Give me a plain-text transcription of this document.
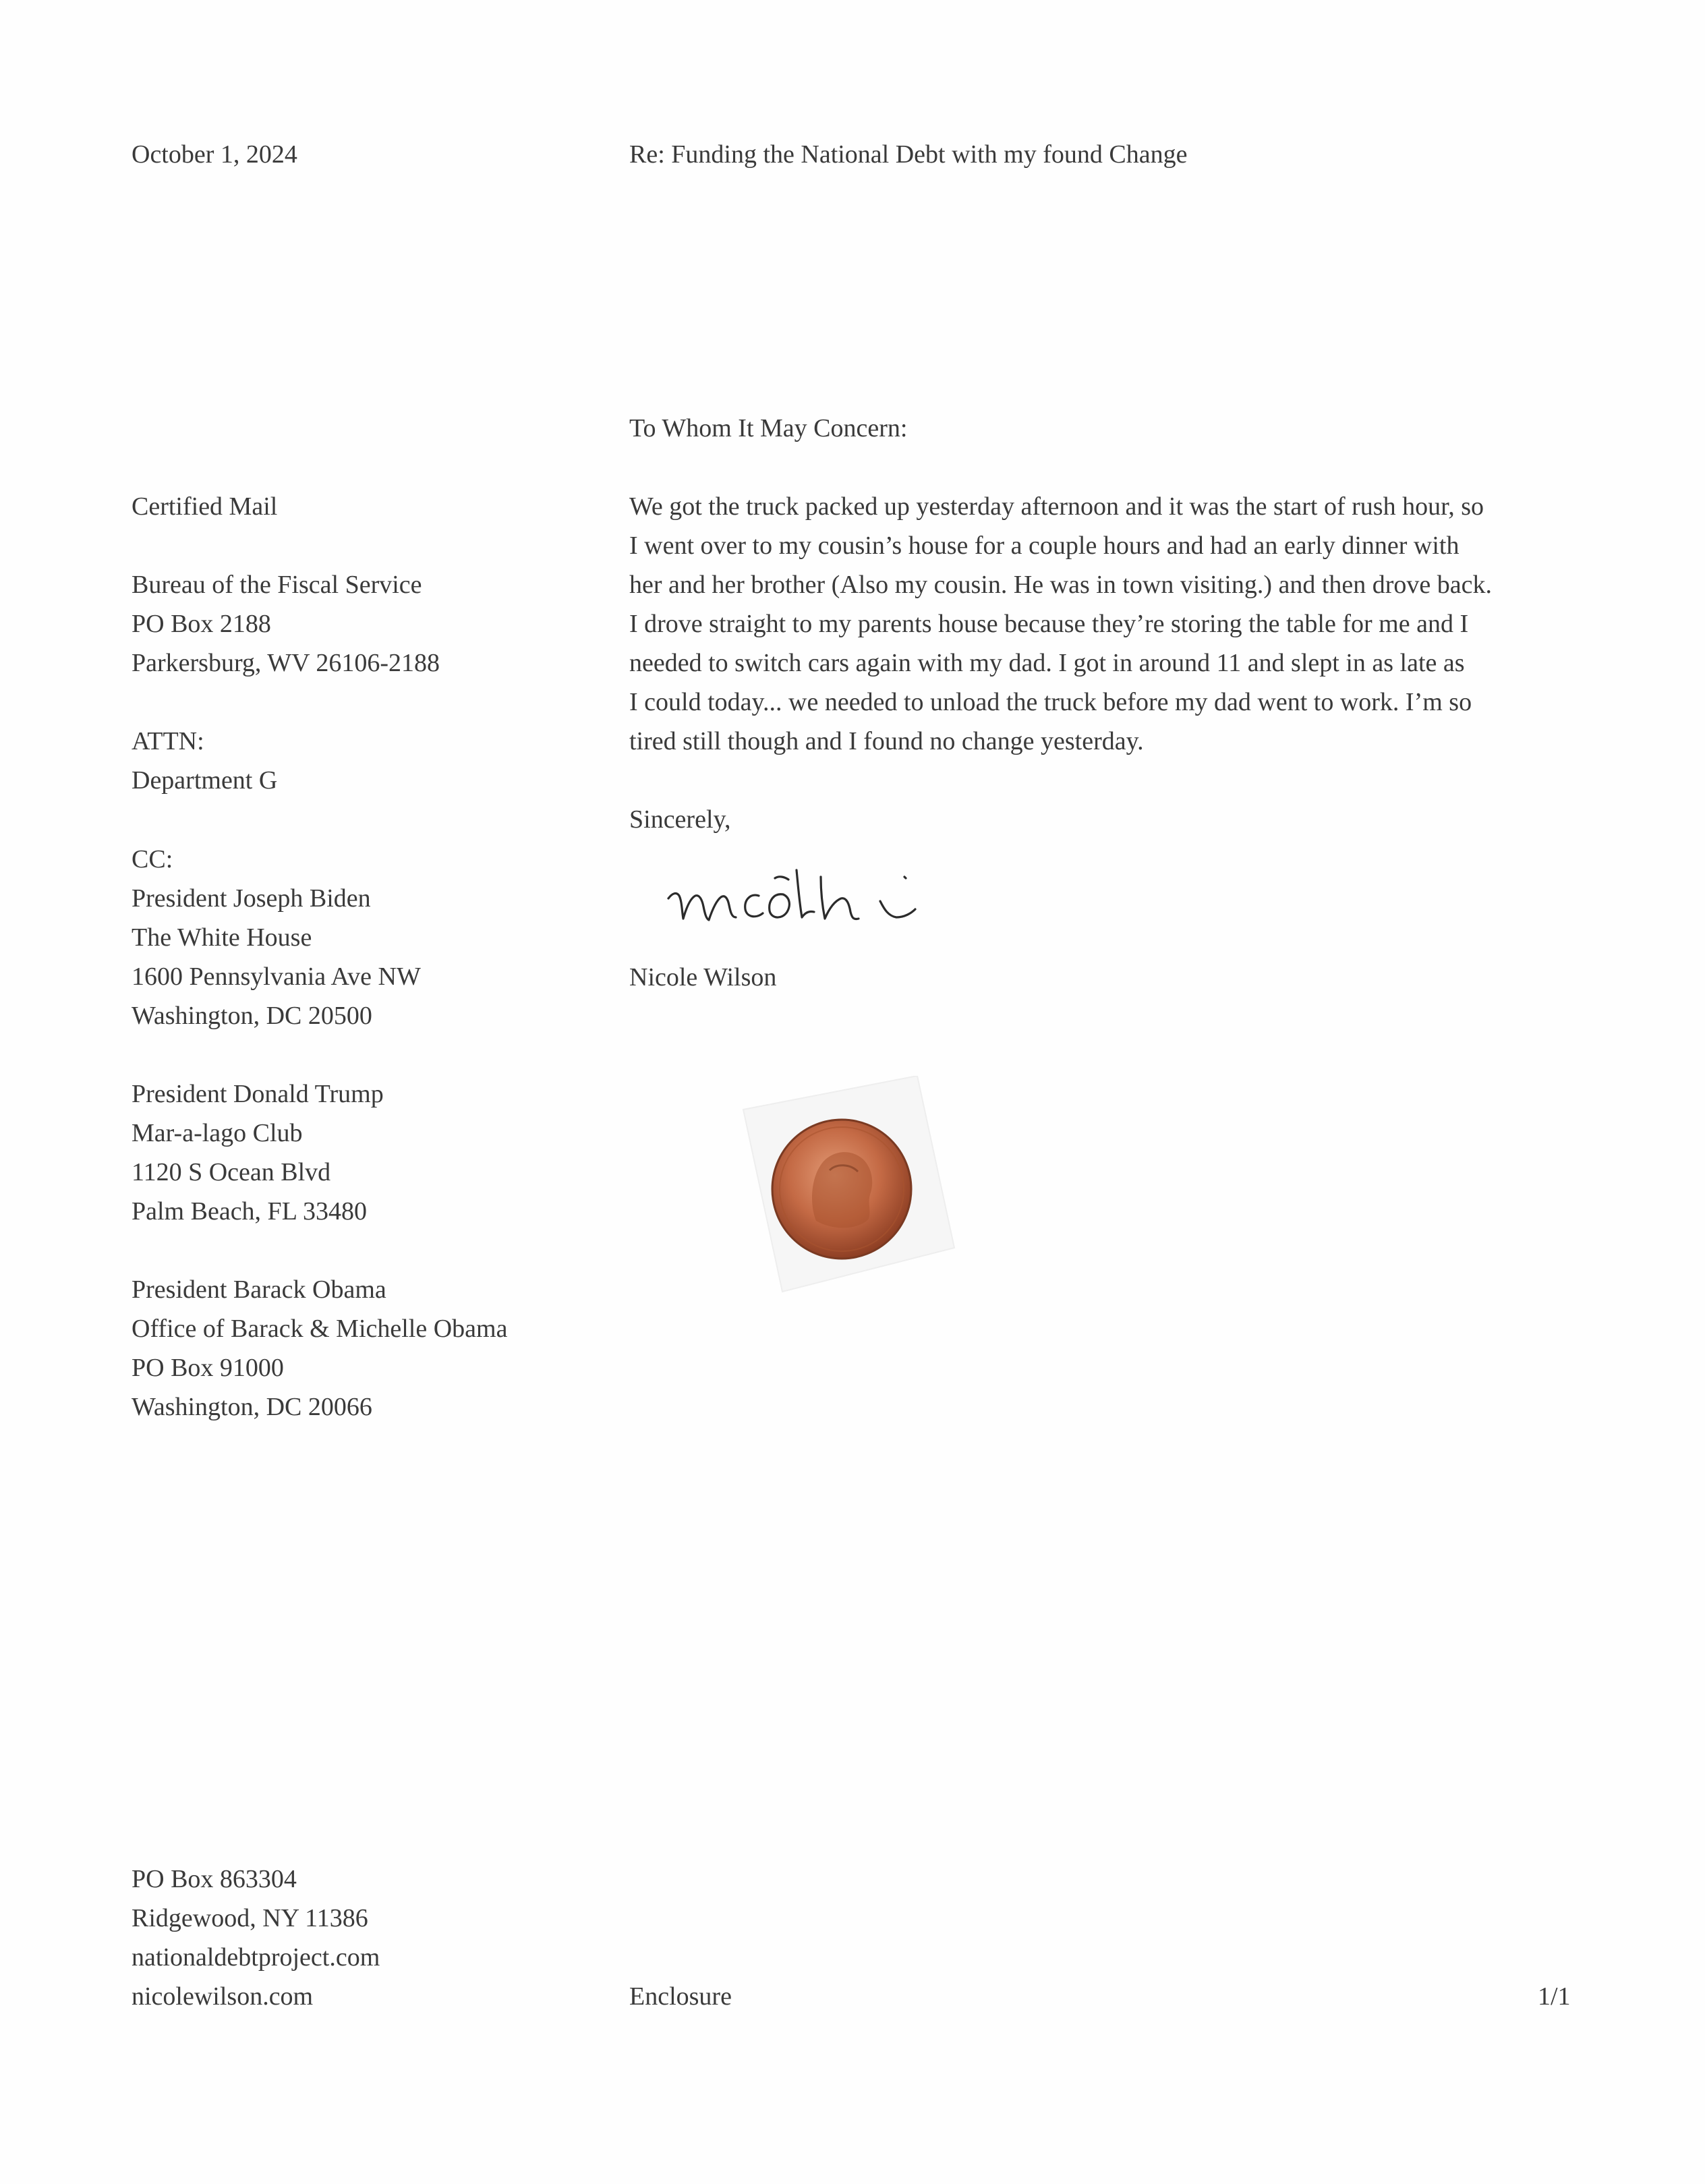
October 1, 2024	Re: Funding the National Debt with my found Change
To Whom It May Concern:
Certified Mail
Bureau of the Fiscal Service
PO Box 2188
Parkersburg, WV 26106-2188
ATTN:
Department G
CC:
President Joseph Biden
The White House
1600 Pennsylvania Ave NW
Washington, DC 20500
President Donald Trump
Mar-a-lago Club
1120 S Ocean Blvd
Palm Beach, FL 33480
President Barack Obama
Office of Barack & Michelle Obama
PO Box 91000
Washington, DC 20066
We got the truck packed up yesterday afternoon and it was the start of rush hour, so
I went over to my cousin’s house for a couple hours and had an early dinner with
her and her brother (Also my cousin. He was in town visiting.) and then drove back.
I drove straight to my parents house because they’re storing the table for me and I
needed to switch cars again with my dad. I got in around 11 and slept in as late as
I could today... we needed to unload the truck before my dad went to work. I’m so
tired still though and I found no change yesterday.
Sincerely,
Nicole Wilson
PO Box 863304
Ridgewood, NY 11386
nationaldebtproject.com
nicolewilson.com	Enclosure	1/1
